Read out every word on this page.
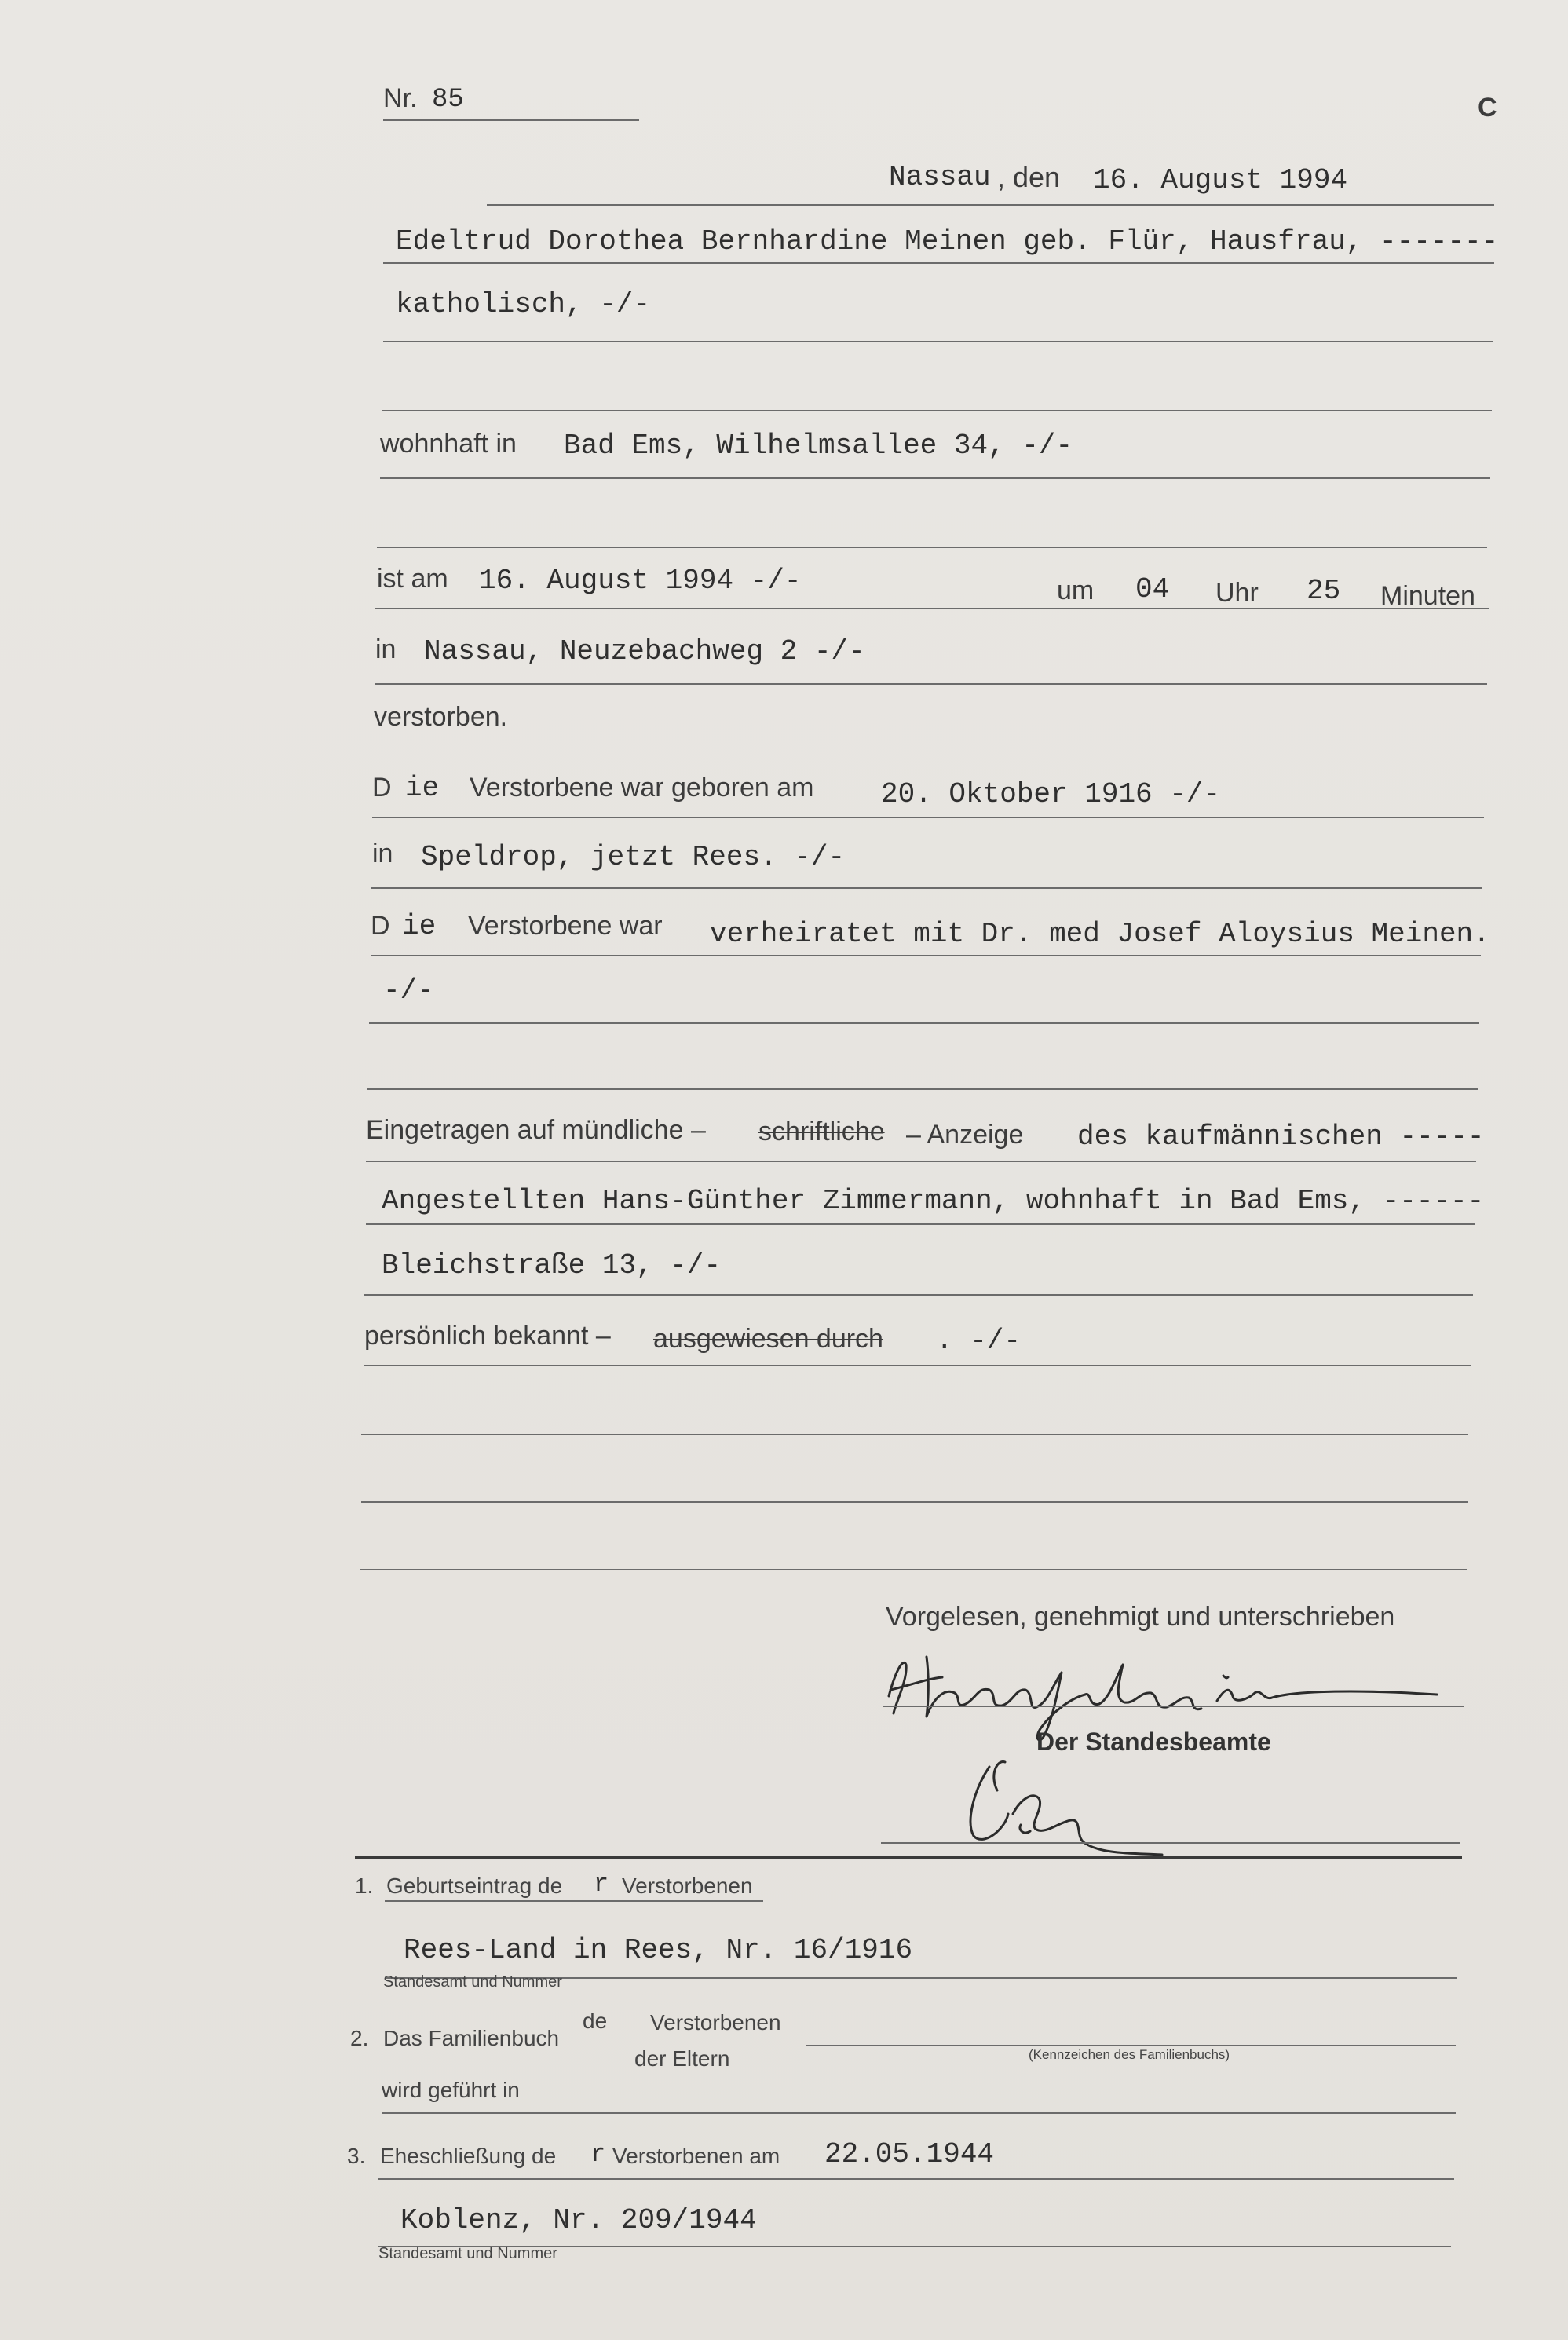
Nr. 85	C
Nassau , den 16. August 1994
Edeltrud Dorothea Bernhardine Meinen geb. Flür, Hausfrau, -------
katholisch, -/-
wohnhaft in Bad Ems, Wilhelmsallee 34, -/-
ist am 16. August 1994 -/-	um 04 Uhr 25 Minuten
in Nassau, Neuzebachweg 2 -/-
verstorben.
D ie Verstorbene war geboren am 20. Oktober 1916 -/-
in Speldrop, jetzt Rees. -/-
D ie Verstorbene war verheiratet mit Dr. med Josef Aloysius Meinen.
-/-
Eingetragen auf mündliche – schriftliche – Anzeige des kaufmännischen -----
Angestellten Hans-Günther Zimmermann, wohnhaft in Bad Ems, ------
Bleichstraße 13, -/-
persönlich bekannt – ausgewiesen durch . -/-
Vorgelesen, genehmigt und unterschrieben
Der Standesbeamte
1. Geburtseintrag de r Verstorbenen
Rees-Land in Rees, Nr. 16/1916
Standesamt und Nummer
2. Das Familienbuch
de Verstorbenen
der Eltern	(Kennzeichen des Familienbuchs)
wird geführt in
3. Eheschließung de r Verstorbenen am 22.05.1944
Koblenz, Nr. 209/1944
Standesamt und Nummer
